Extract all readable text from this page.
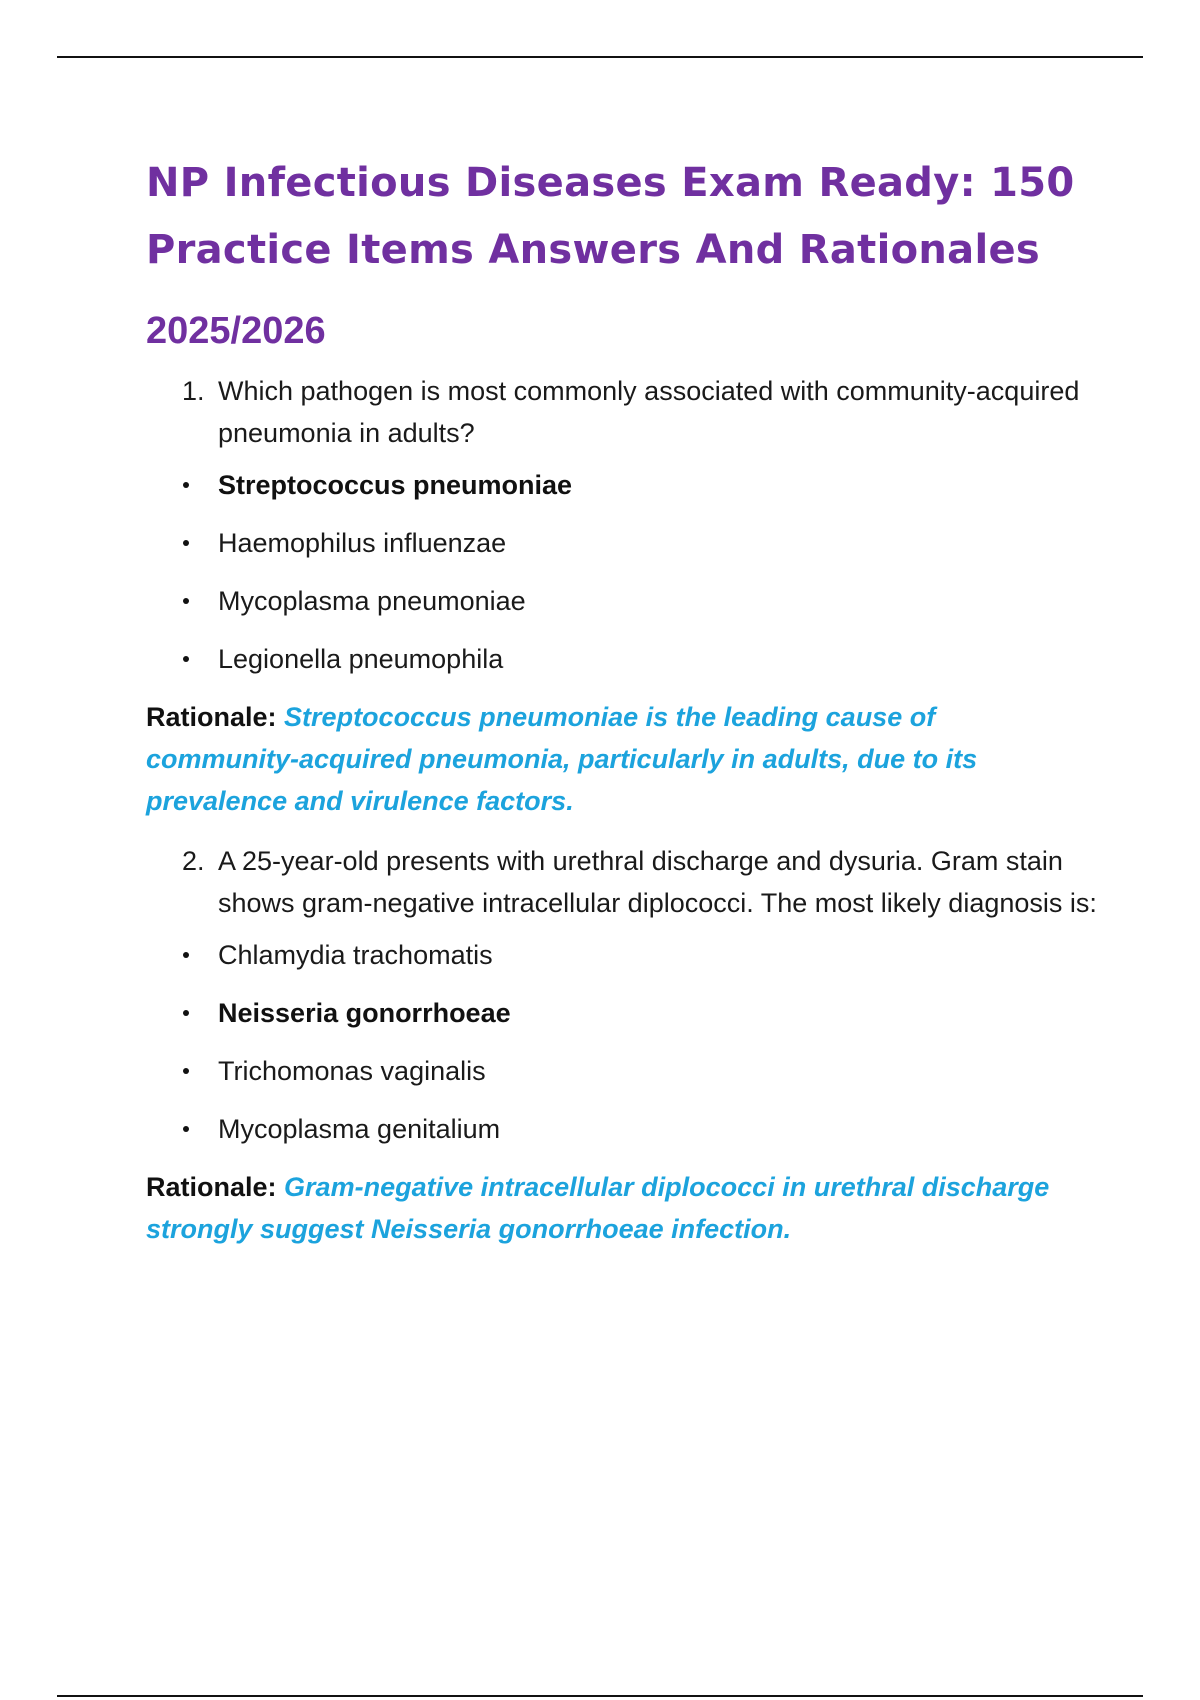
NP Infectious Diseases Exam Ready: 150 Practice Items Answers And Rationales
2025/2026
1. Which pathogen is most commonly associated with community-acquired pneumonia in adults?
Streptococcus pneumoniae
Haemophilus influenzae
Mycoplasma pneumoniae
Legionella pneumophila

Rationale: Streptococcus pneumoniae is the leading cause of community-acquired pneumonia, particularly in adults, due to its prevalence and virulence factors.

2. A 25-year-old presents with urethral discharge and dysuria. Gram stain shows gram-negative intracellular diplococci. The most likely diagnosis is:
Chlamydia trachomatis
Neisseria gonorrhoeae
Trichomonas vaginalis
Mycoplasma genitalium

Rationale: Gram-negative intracellular diplococci in urethral discharge strongly suggest Neisseria gonorrhoeae infection.
